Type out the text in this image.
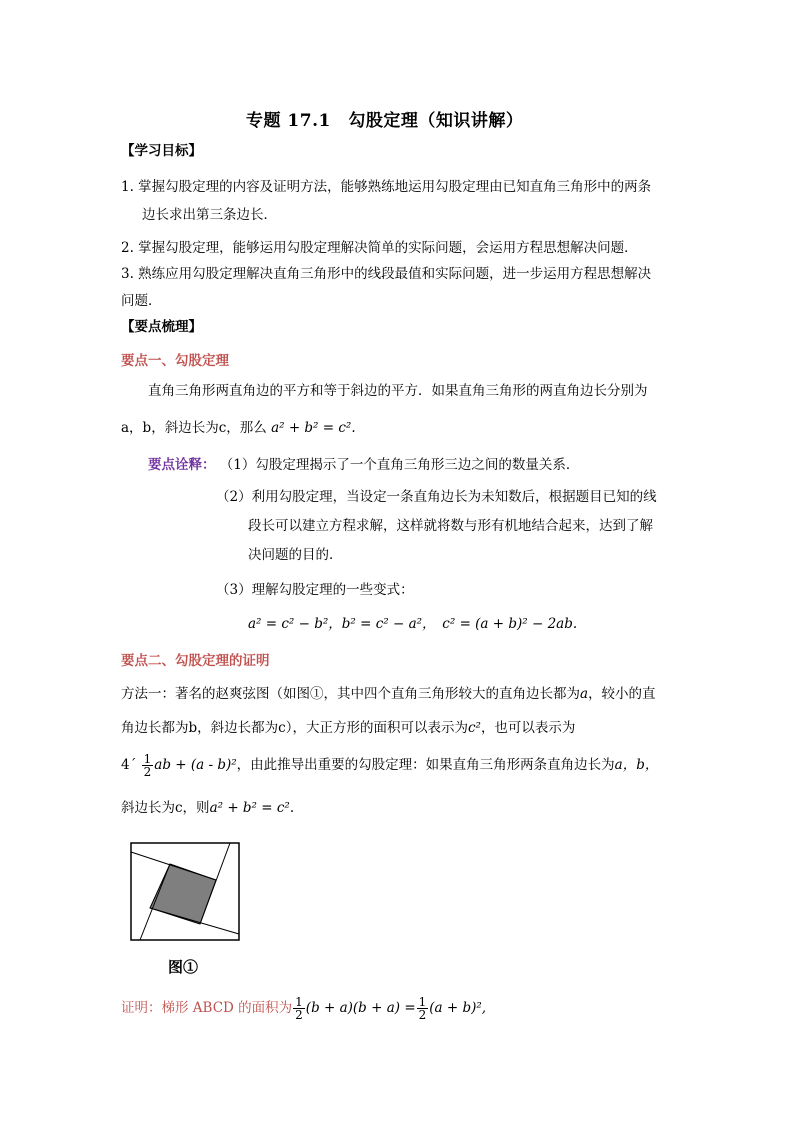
专题 17.1　勾股定理（知识讲解）
【学习目标】
1. 掌握勾股定理的内容及证明方法，能够熟练地运用勾股定理由已知直角三角形中的两条
边长求出第三条边长．
2. 掌握勾股定理，能够运用勾股定理解决简单的实际问题，会运用方程思想解决问题．
3. 熟练应用勾股定理解决直角三角形中的线段最值和实际问题，进一步运用方程思想解决
问题．
【要点梳理】
要点一、勾股定理
直角三角形两直角边的平方和等于斜边的平方．如果直角三角形的两直角边长分别为
a，b，斜边长为c，那么 a² + b² = c².
要点诠释： （1）勾股定理揭示了一个直角三角形三边之间的数量关系．
（2）利用勾股定理，当设定一条直角边长为未知数后，根据题目已知的线
段长可以建立方程求解，这样就将数与形有机地结合起来，达到了解
决问题的目的．
（3）理解勾股定理的一些变式：
a² = c² − b²，b² = c² − a²，　c² = (a + b)² − 2ab.
要点二、勾股定理的证明
方法一：著名的赵爽弦图（如图①，其中四个直角三角形较大的直角边长都为a，较小的直
角边长都为b，斜边长都为c），大正方形的面积可以表示为c²，也可以表示为
4´ $\frac{1}{2}$ ab + (a - b)²，由此推导出重要的勾股定理：如果直角三角形两条直角边长为a，b，
斜边长为c，则a² + b² = c².
图①
证明：梯形 ABCD 的面积为 $\frac{1}{2} (b + a)(b + a) = \frac{1}{2} (a + b)^2$,
